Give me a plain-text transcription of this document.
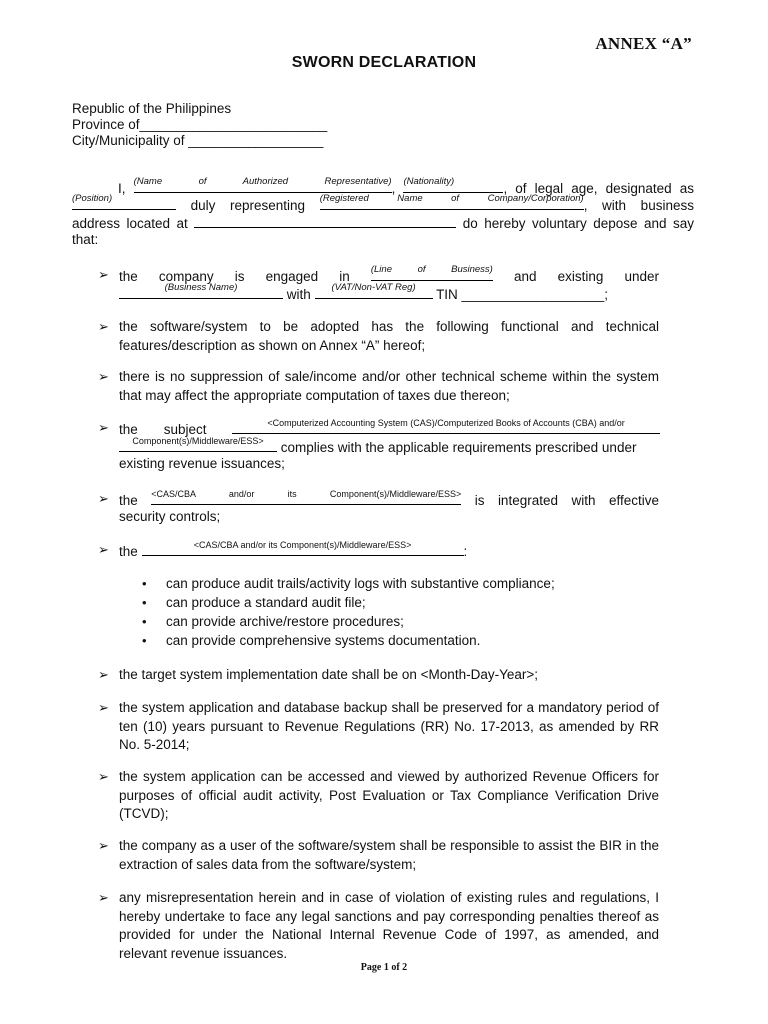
ANNEX “A”
SWORN DECLARATION
Republic of the Philippines
Province of_________________________
City/Municipality of __________________
I, (Name of Authorized Representative) , (Nationality)	, of legal age, designated as
(Position)	duly representing (Registered Name of Company/Corporation) , with business
address located at	do hereby voluntary depose and say
that:
➢ the company is engaged in (Line of Business) and existing under
(Business Name)	with	(VAT/Non-VAT Reg)	TIN ___________________;
➢ the software/system to be adopted has the following functional and technical features/description as shown on Annex “A” hereof;
➢ there is no suppression of sale/income and/or other technical scheme within the system that may affect the appropriate computation of taxes due thereon;
➢ the subject	<Computerized Accounting System (CAS)/Computerized Books of Accounts (CBA) and/or
Component(s)/Middleware/ESS>	complies with the applicable requirements prescribed under
existing revenue issuances;
➢ the <CAS/CBA and/or its Component(s)/Middleware/ESS> is integrated with effective
security controls;
➢ the	<CAS/CBA and/or its Component(s)/Middleware/ESS>	:
• can produce audit trails/activity logs with substantive compliance;
• can produce a standard audit file;
• can provide archive/restore procedures;
• can provide comprehensive systems documentation.
➢ the target system implementation date shall be on <Month-Day-Year>;
➢ the system application and database backup shall be preserved for a mandatory period of ten (10) years pursuant to Revenue Regulations (RR) No. 17-2013, as amended by RR No. 5-2014;
➢ the system application can be accessed and viewed by authorized Revenue Officers for purposes of official audit activity, Post Evaluation or Tax Compliance Verification Drive (TCVD);
➢ the company as a user of the software/system shall be responsible to assist the BIR in the extraction of sales data from the software/system;
➢ any misrepresentation herein and in case of violation of existing rules and regulations, I hereby undertake to face any legal sanctions and pay corresponding penalties thereof as provided for under the National Internal Revenue Code of 1997, as amended, and relevant revenue issuances.
Page 1 of 2
